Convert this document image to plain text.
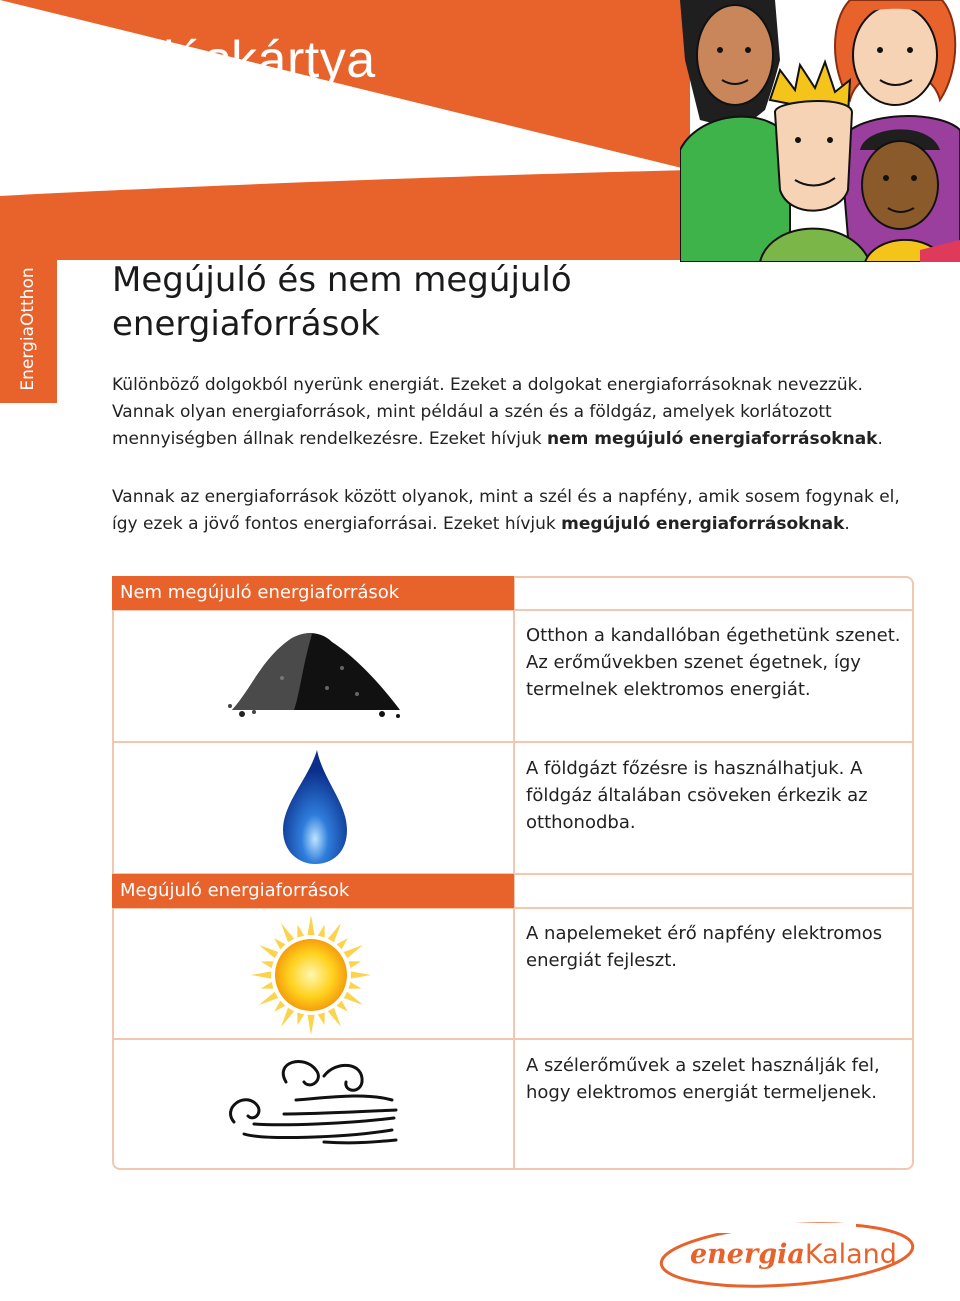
4. tudáskártya
EnergiaOtthon Megújuló és nem megújuló
energiaforrások

Különböző dolgokból nyerünk energiát. Ezeket a dolgokat energiaforrásoknak nevezzük. Vannak olyan energiaforrások, mint például a szén és a földgáz, amelyek korlátozott mennyiségben állnak rendelkezésre. Ezeket hívjuk nem megújuló energiaforrásoknak.

Vannak az energiaforrások között olyanok, mint a szél és a napfény, amik sosem fogynak el, így ezek a jövő fontos energiaforrásai. Ezeket hívjuk megújuló energiaforrásoknak.

Nem megújuló energiaforrások
Megújuló energiaforrások

Otthon a kandallóban égethetünk szenet. Az erőművekben szenet égetnek, így termelnek elektromos energiát.

A földgázt főzésre is használhatjuk. A földgáz általában csöveken érkezik az otthonodba.

A napelemeket érő napfény elektromos energiát fejleszt.

A szélerőművek a szelet használják fel, hogy elektromos energiát termeljenek.

energiaKaland
